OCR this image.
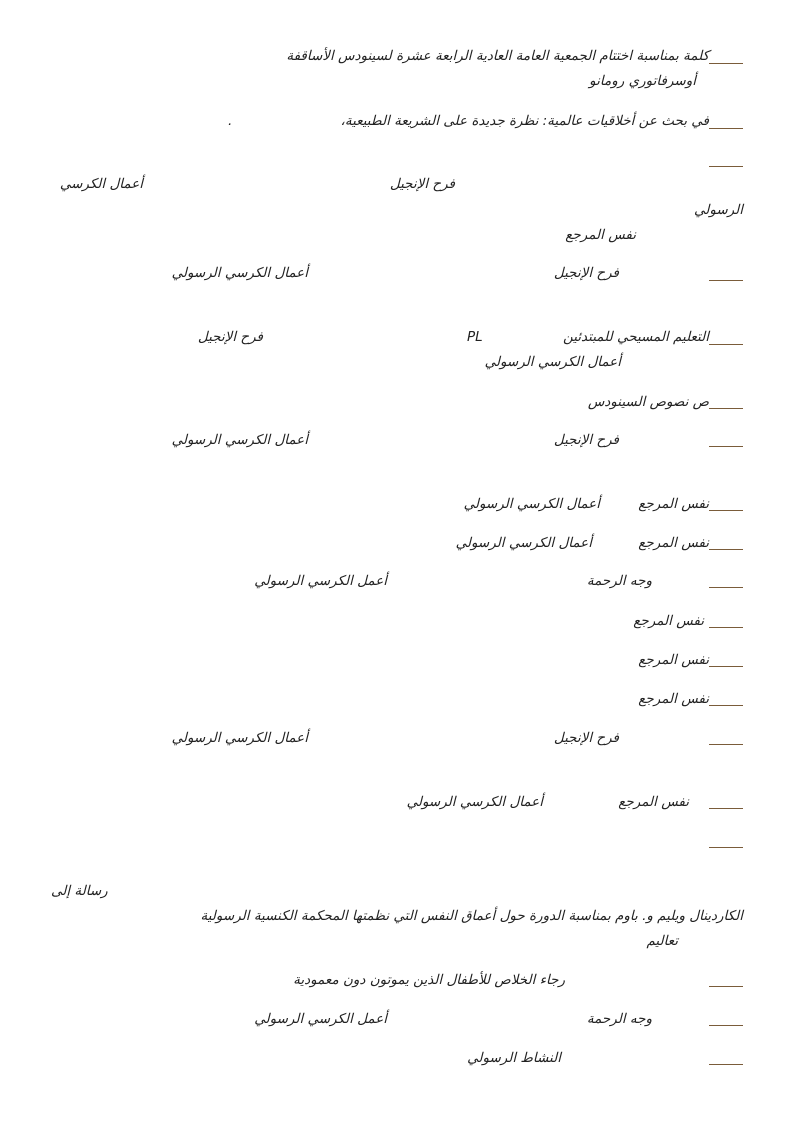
كلمة بمناسبة اختتام الجمعية العامة العادية الرابعة عشرة لسينودس الأساقفة
أوسرفاتوري رومانو
في بحث عن أخلاقيات عالمية: نظرة جديدة على الشريعة الطبيعية،
.
فرح الإنجيل
أعمال الكرسي
الرسولي
نفس المرجع
فرح الإنجيل
أعمال الكرسي الرسولي
التعليم المسيحي للمبتدئين
PL
فرح الإنجيل
أعمال الكرسي الرسولي
ص نصوص السينودس
فرح الإنجيل
أعمال الكرسي الرسولي
نفس المرجع
أعمال الكرسي الرسولي
نفس المرجع
أعمال الكرسي الرسولي
وجه الرحمة
أعمل الكرسي الرسولي
نفس المرجع
نفس المرجع
نفس المرجع
فرح الإنجيل
أعمال الكرسي الرسولي
نفس المرجع
أعمال الكرسي الرسولي
رسالة إلى
الكاردينال ويليم و. باوم بمناسبة الدورة حول أعماق النفس التي نظمتها المحكمة الكنسية الرسولية
تعاليم
رجاء الخلاص للأطفال الذين يموتون دون معمودية
وجه الرحمة
أعمل الكرسي الرسولي
النشاط الرسولي
